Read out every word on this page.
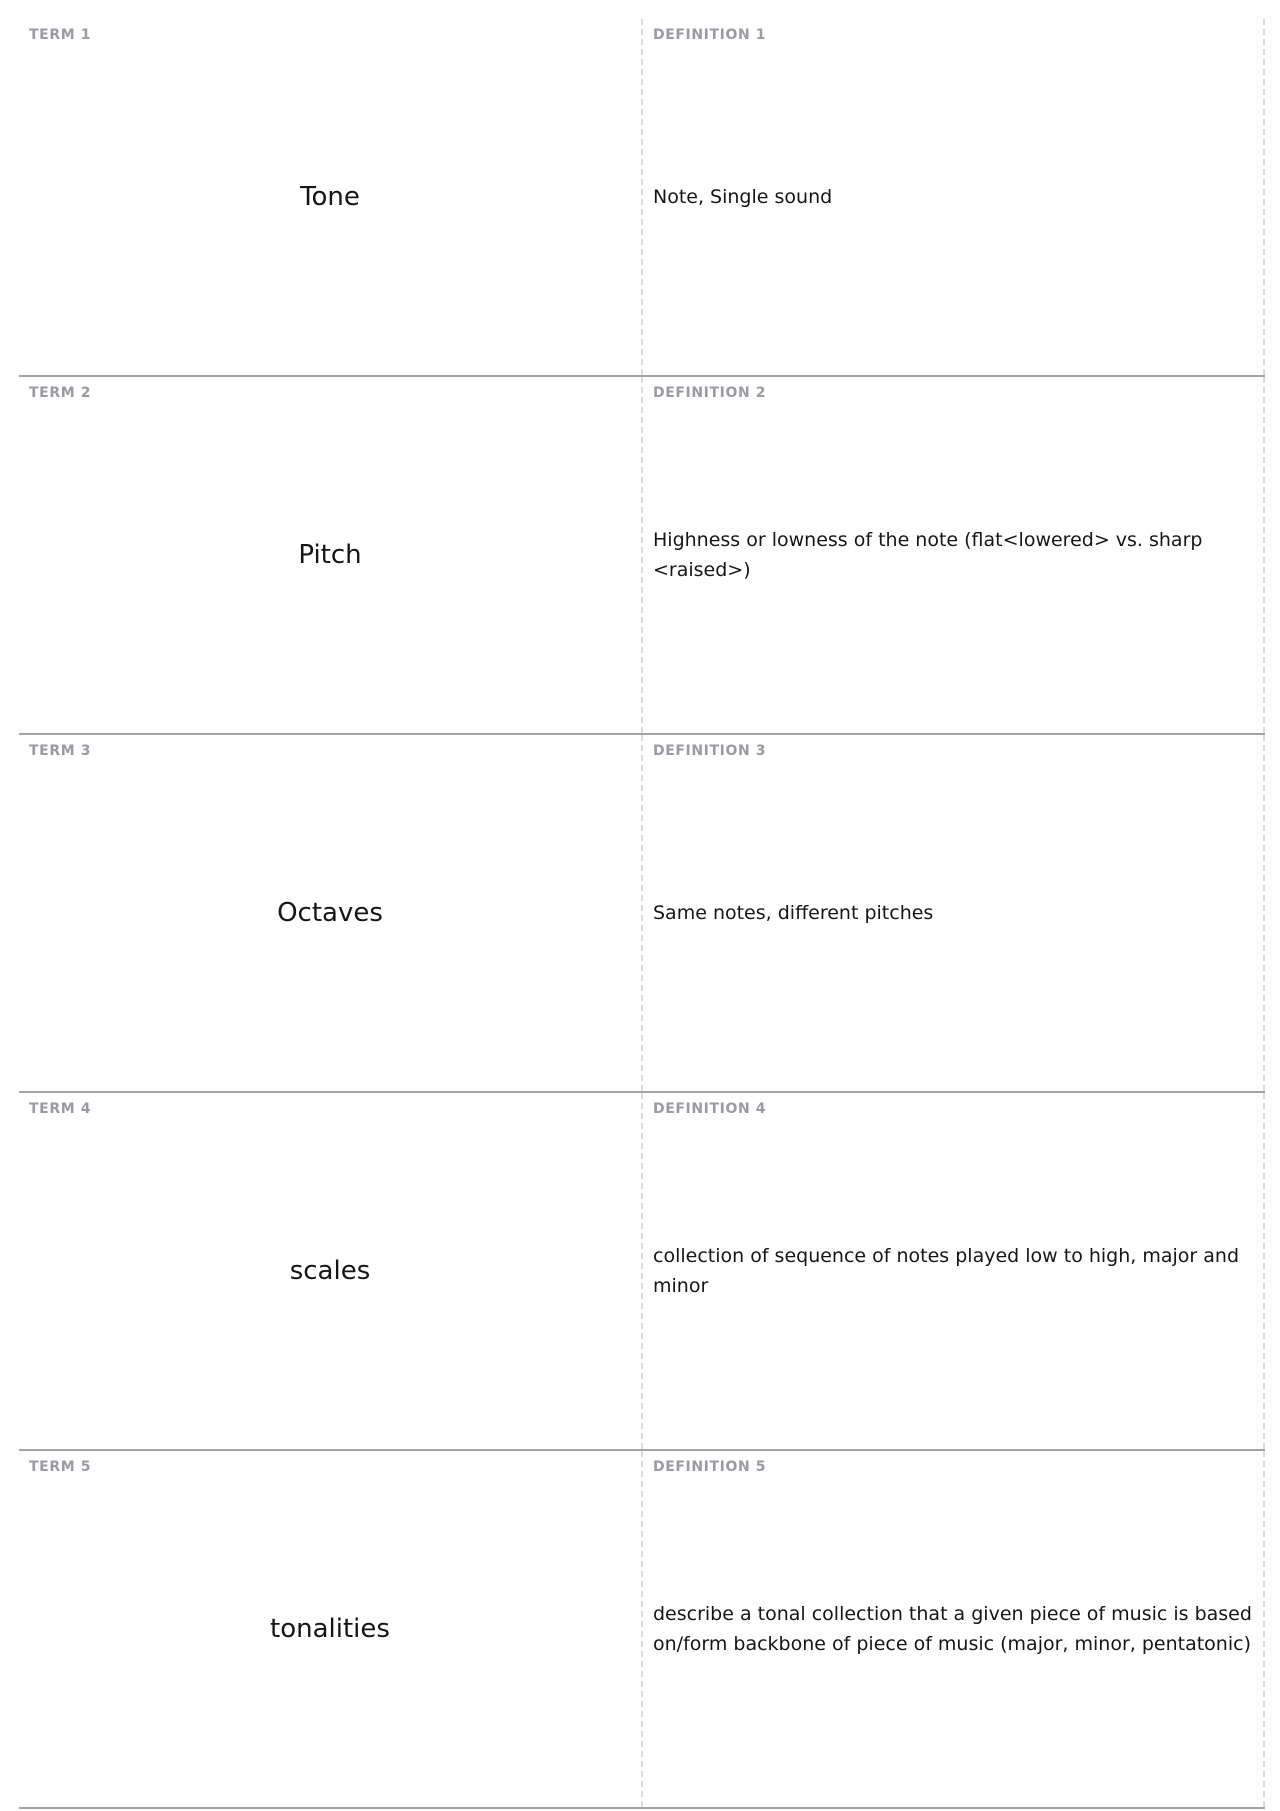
TERM 1
Tone
DEFINITION 1
Note, Single sound
TERM 2
Pitch
DEFINITION 2
Highness or lowness of the note (flat<lowered> vs. sharp <raised>)
TERM 3
Octaves
DEFINITION 3
Same notes, different pitches
TERM 4
scales
DEFINITION 4
collection of sequence of notes played low to high, major and minor
TERM 5
tonalities
DEFINITION 5
describe a tonal collection that a given piece of music is based on/form backbone of piece of music (major, minor, pentatonic)
